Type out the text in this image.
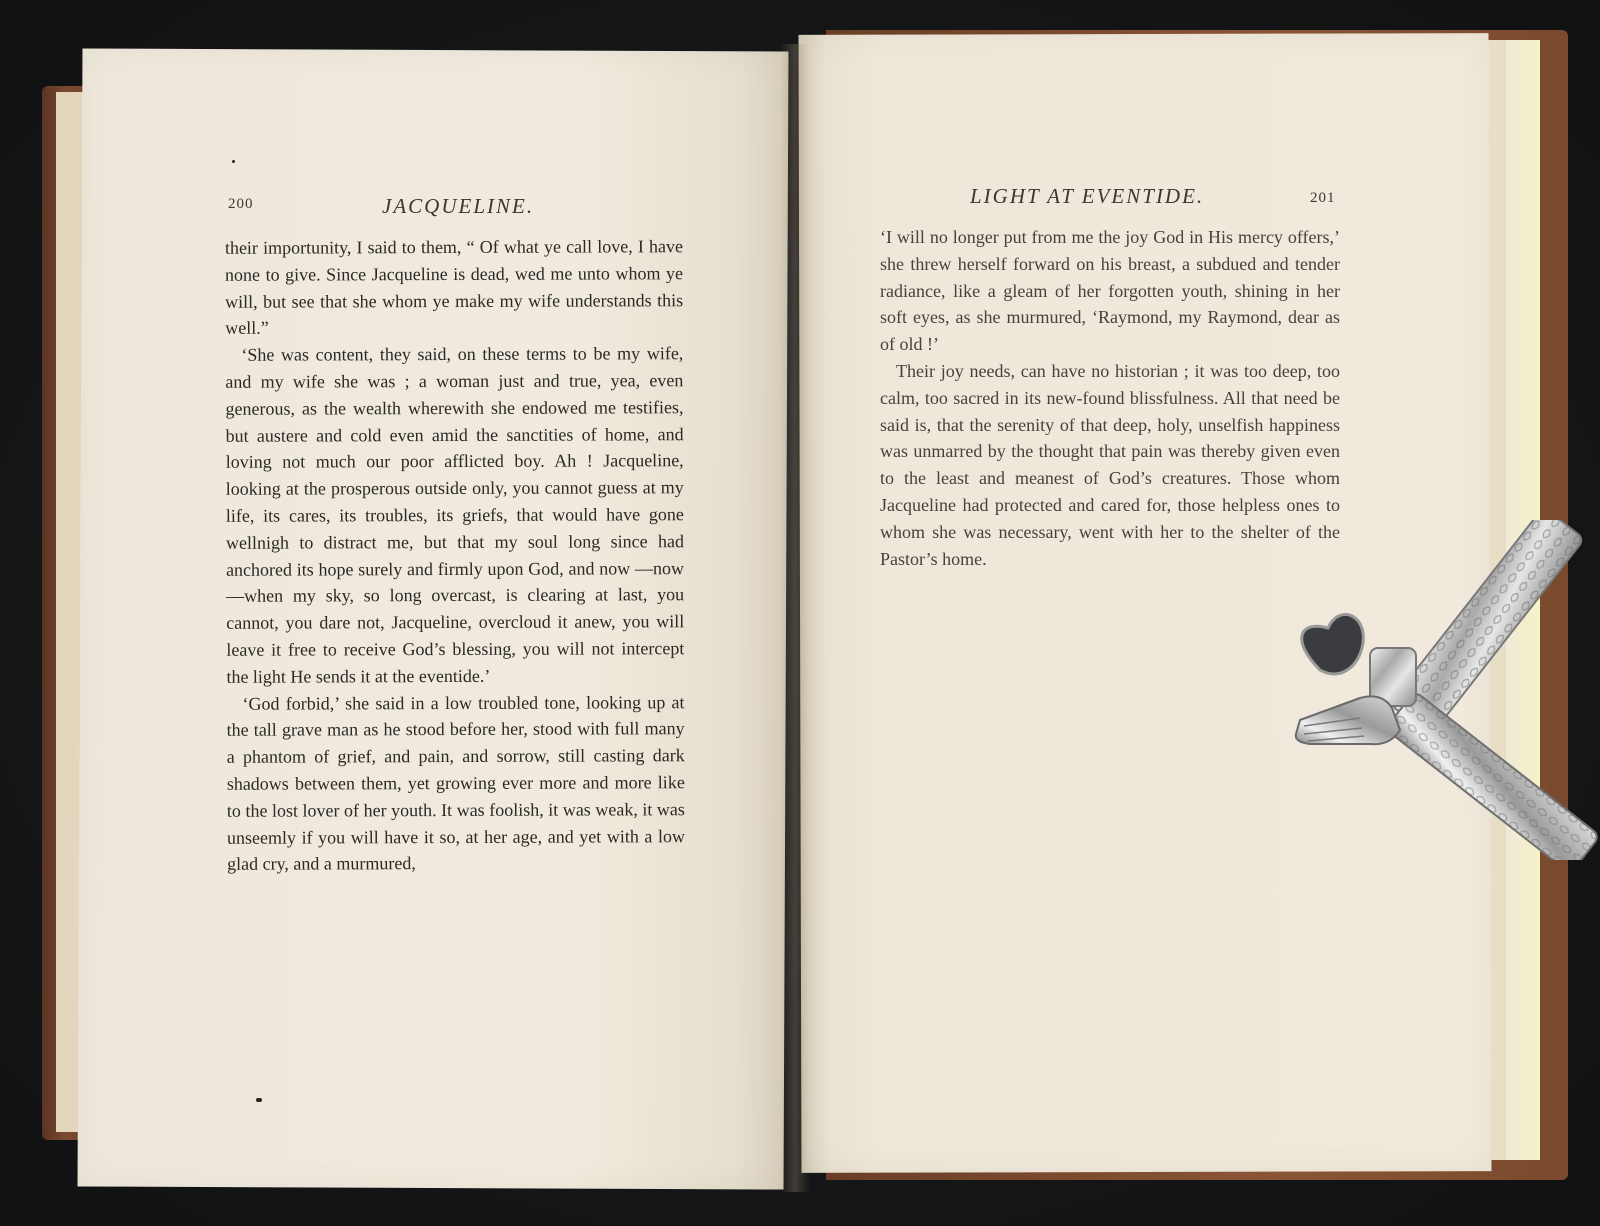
200	JACQUELINE.	LIGHT AT EVENTIDE.	201

their importunity, I said to them, “ Of what ye call love, I have none to give. Since Jacqueline is dead, wed me unto whom ye will, but see that she whom ye make my wife understands this well.”

‘She was content, they said, on these terms to be my wife, and my wife she was ; a woman just and true, yea, even generous, as the wealth wherewith she endowed me testifies, but austere and cold even amid the sanctities of home, and loving not much our poor afflicted boy. Ah ! Jacqueline, looking at the prosperous outside only, you cannot guess at my life, its cares, its troubles, its griefs, that would have gone wellnigh to distract me, but that my soul long since had anchored its hope surely and firmly upon God, and now —now—when my sky, so long overcast, is clearing at last, you cannot, you dare not, Jacqueline, overcloud it anew, you will leave it free to receive God’s blessing, you will not intercept the light He sends it at the eventide.’

‘God forbid,’ she said in a low troubled tone, looking up at the tall grave man as he stood before her, stood with full many a phantom of grief, and pain, and sorrow, still casting dark shadows between them, yet growing ever more and more like to the lost lover of her youth. It was foolish, it was weak, it was unseemly if you will have it so, at her age, and yet with a low glad cry, and a murmured,

‘I will no longer put from me the joy God in His mercy offers,’ she threw herself forward on his breast, a subdued and tender radiance, like a gleam of her forgotten youth, shining in her soft eyes, as she murmured, ‘Raymond, my Raymond, dear as of old !’

Their joy needs, can have no historian ; it was too deep, too calm, too sacred in its new-found blissfulness. All that need be said is, that the serenity of that deep, holy, unselfish happiness was unmarred by the thought that pain was thereby given even to the least and meanest of God’s creatures. Those whom Jacqueline had protected and cared for, those helpless ones to whom she was necessary, went with her to the shelter of the Pastor’s home.
